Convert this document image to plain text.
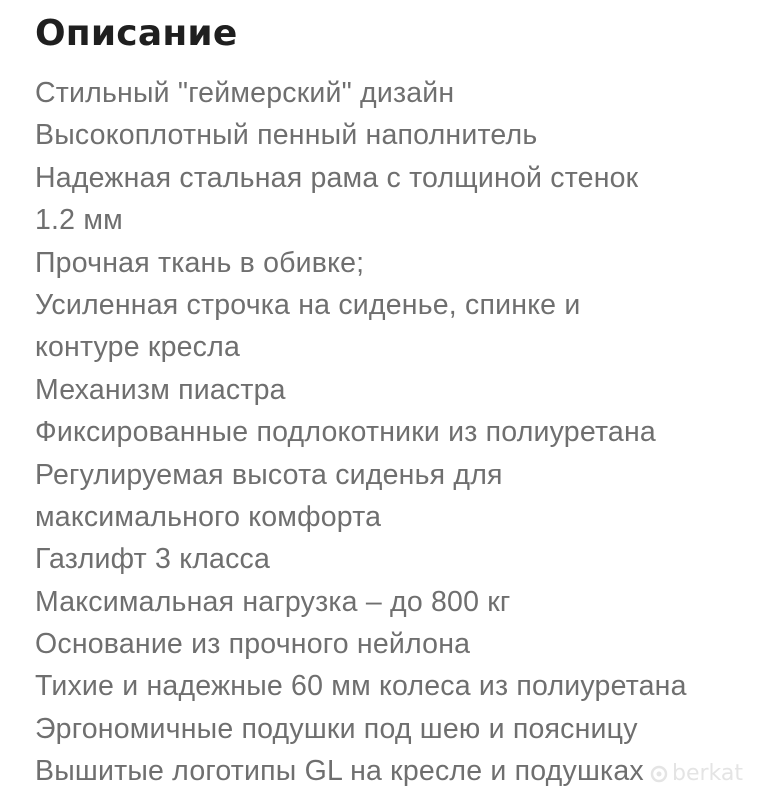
Описание
Стильный "геймерский" дизайн
Высокоплотный пенный наполнитель
Надежная стальная рама с толщиной стенок
1.2 мм
Прочная ткань в обивке;
Усиленная строчка на сиденье, спинке и
контуре кресла
Механизм пиастра
Фиксированные подлокотники из полиуретана
Регулируемая высота сиденья для
максимального комфорта
Газлифт 3 класса
Максимальная нагрузка – до 800 кг
Основание из прочного нейлона
Тихие и надежные 60 мм колеса из полиуретана
Эргономичные подушки под шею и поясницу
Вышитые логотипы GL на кресле и подушках	berkat
